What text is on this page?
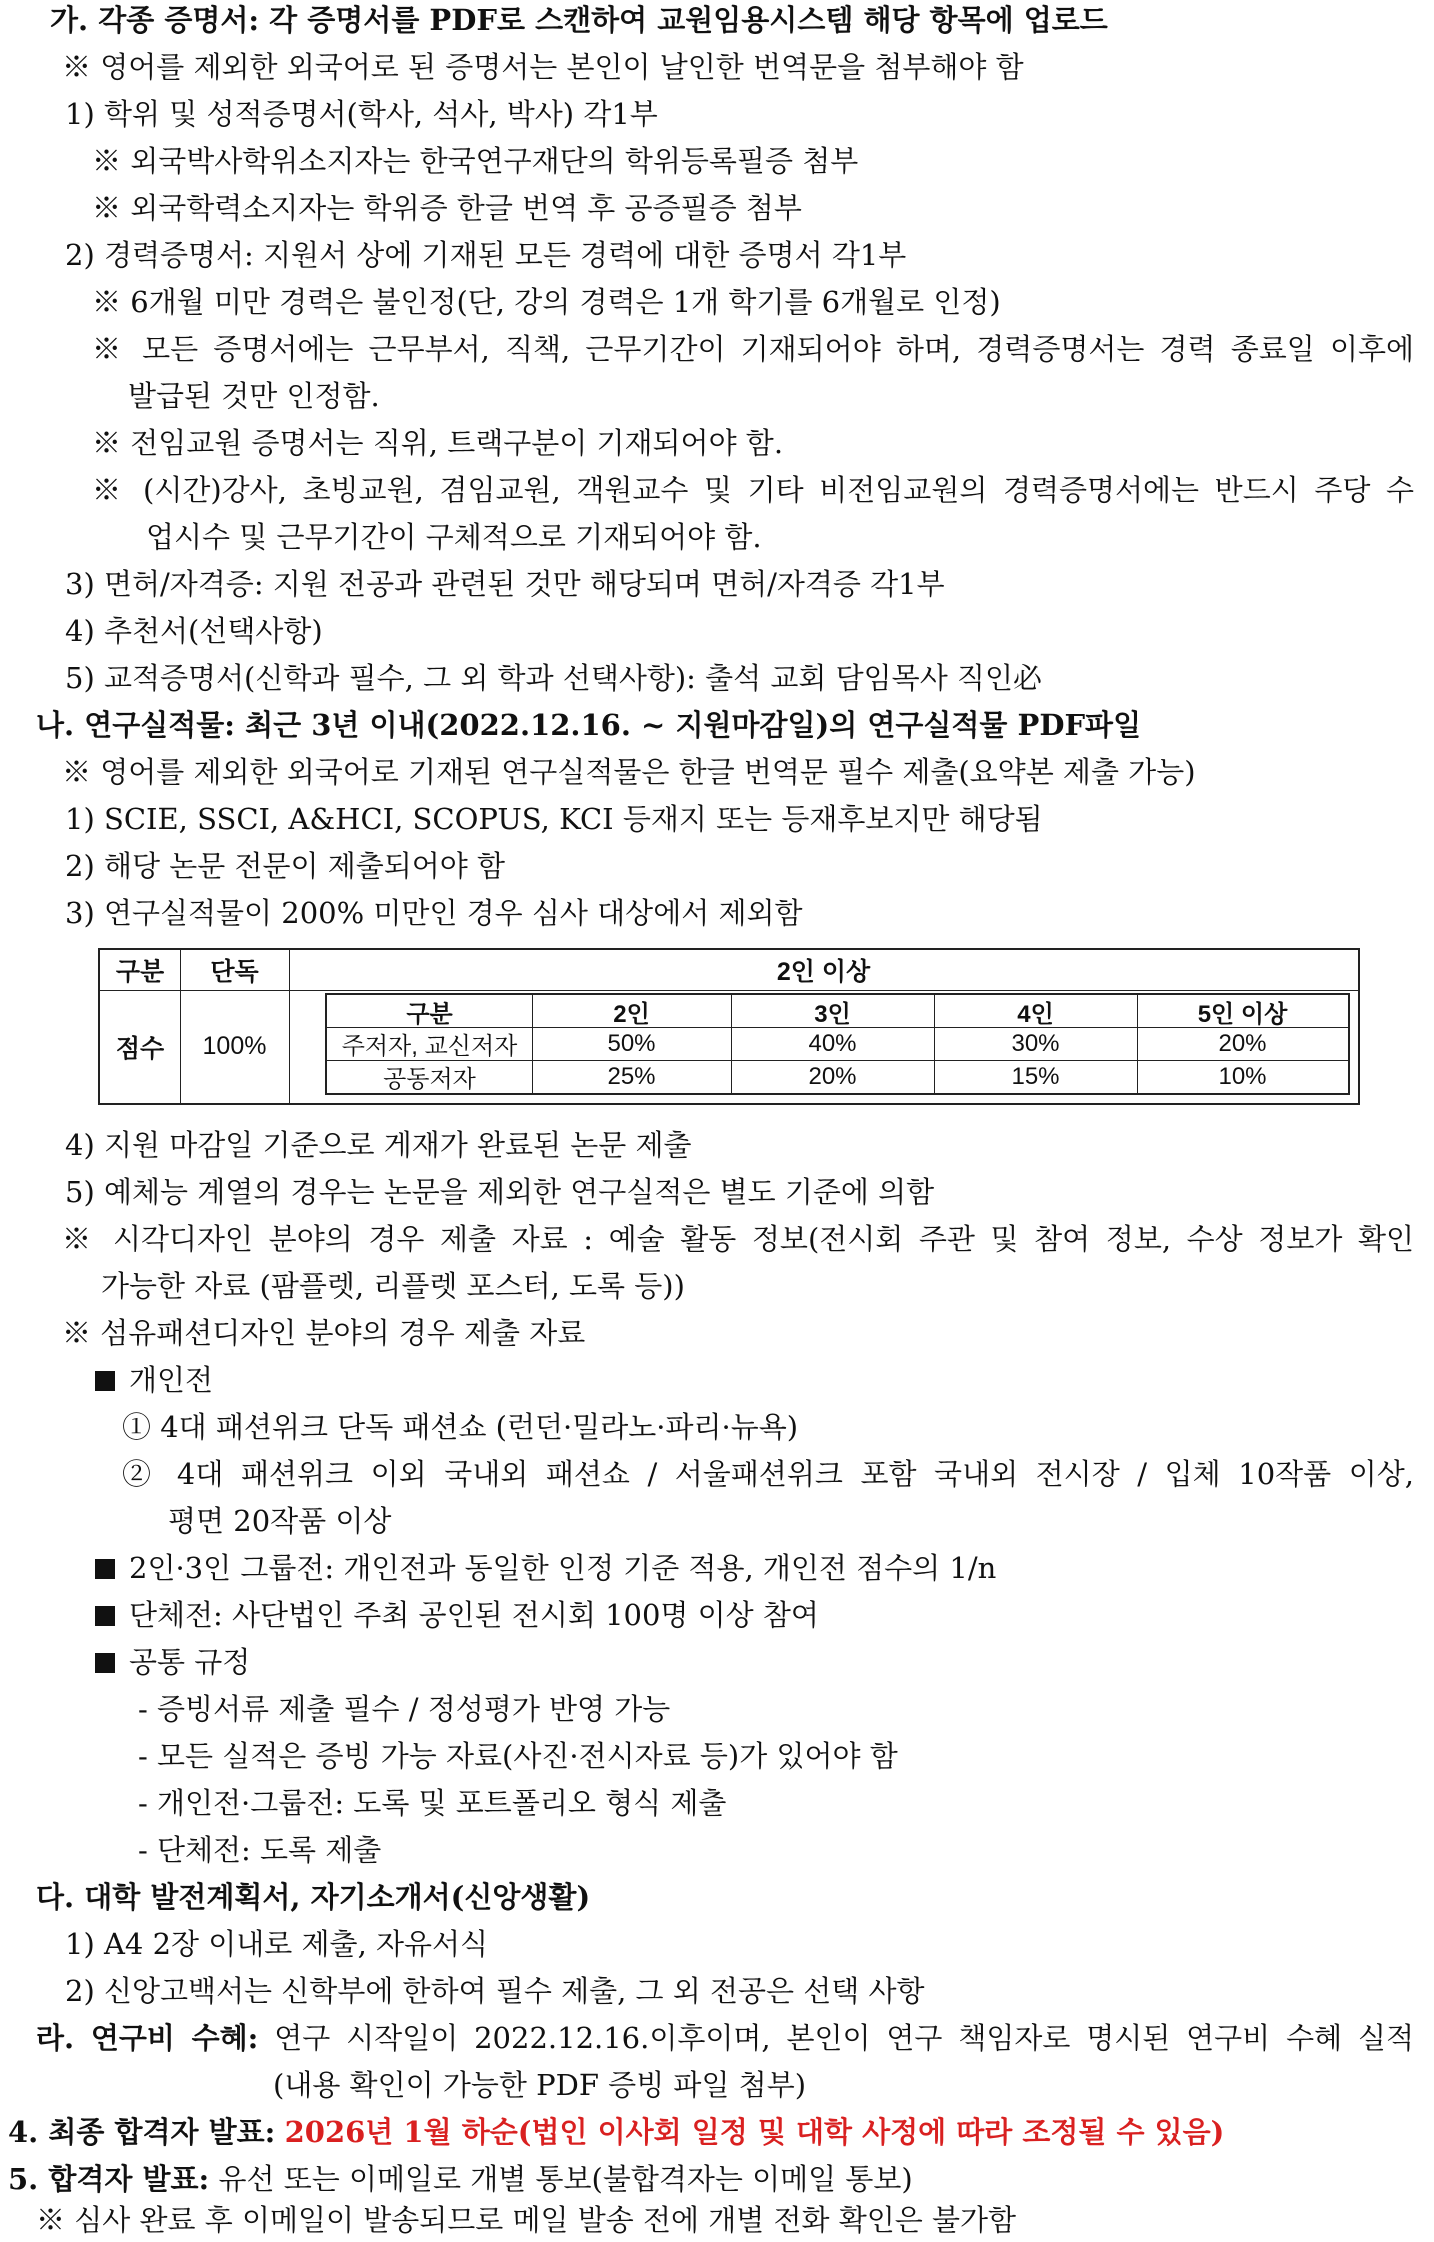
가. 각종 증명서: 각 증명서를 PDF로 스캔하여 교원임용시스템 해당 항목에 업로드
※ 영어를 제외한 외국어로 된 증명서는 본인이 날인한 번역문을 첨부해야 함
1) 학위 및 성적증명서(학사, 석사, 박사) 각1부
※ 외국박사학위소지자는 한국연구재단의 학위등록필증 첨부
※ 외국학력소지자는 학위증 한글 번역 후 공증필증 첨부
2) 경력증명서: 지원서 상에 기재된 모든 경력에 대한 증명서 각1부
※ 6개월 미만 경력은 불인정(단, 강의 경력은 1개 학기를 6개월로 인정)
※ 모든 증명서에는 근무부서, 직책, 근무기간이 기재되어야 하며, 경력증명서는 경력 종료일 이후에
발급된 것만 인정함.
※ 전임교원 증명서는 직위, 트랙구분이 기재되어야 함.
※ (시간)강사, 초빙교원, 겸임교원, 객원교수 및 기타 비전임교원의 경력증명서에는 반드시 주당 수
업시수 및 근무기간이 구체적으로 기재되어야 함.
3) 면허/자격증: 지원 전공과 관련된 것만 해당되며 면허/자격증 각1부
4) 추천서(선택사항)
5) 교적증명서(신학과 필수, 그 외 학과 선택사항): 출석 교회 담임목사 직인必
나. 연구실적물: 최근 3년 이내(2022.12.16. ~ 지원마감일)의 연구실적물 PDF파일
※ 영어를 제외한 외국어로 기재된 연구실적물은 한글 번역문 필수 제출(요약본 제출 가능)
1) SCIE, SSCI, A&HCI, SCOPUS, KCI 등재지 또는 등재후보지만 해당됨
2) 해당 논문 전문이 제출되어야 함
3) 연구실적물이 200% 미만인 경우 심사 대상에서 제외함
구분	단독	2인 이상
점수	100%
구분	2인	3인	4인	5인 이상
주저자, 교신저자	50%	40%	30%	20%
공동저자	25%	20%	15%	10%
4) 지원 마감일 기준으로 게재가 완료된 논문 제출
5) 예체능 계열의 경우는 논문을 제외한 연구실적은 별도 기준에 의함
※ 시각디자인 분야의 경우 제출 자료 : 예술 활동 정보(전시회 주관 및 참여 정보, 수상 정보가 확인
가능한 자료 (팜플렛, 리플렛 포스터, 도록 등))
※ 섬유패션디자인 분야의 경우 제출 자료
개인전
① 4대 패션위크 단독 패션쇼 (런던·밀라노·파리·뉴욕)
② 4대 패션위크 이외 국내외 패션쇼 / 서울패션위크 포함 국내외 전시장 / 입체 10작품 이상,
평면 20작품 이상
2인·3인 그룹전: 개인전과 동일한 인정 기준 적용, 개인전 점수의 1/n
단체전: 사단법인 주최 공인된 전시회 100명 이상 참여
공통 규정
- 증빙서류 제출 필수 / 정성평가 반영 가능
- 모든 실적은 증빙 가능 자료(사진·전시자료 등)가 있어야 함
- 개인전·그룹전: 도록 및 포트폴리오 형식 제출
- 단체전: 도록 제출
다. 대학 발전계획서, 자기소개서(신앙생활)
1) A4 2장 이내로 제출, 자유서식
2) 신앙고백서는 신학부에 한하여 필수 제출, 그 외 전공은 선택 사항
라. 연구비 수혜: 연구 시작일이 2022.12.16.이후이며, 본인이 연구 책임자로 명시된 연구비 수혜 실적
(내용 확인이 가능한 PDF 증빙 파일 첨부)
4. 최종 합격자 발표: 2026년 1월 하순(법인 이사회 일정 및 대학 사정에 따라 조정될 수 있음)
5. 합격자 발표: 유선 또는 이메일로 개별 통보(불합격자는 이메일 통보)
※ 심사 완료 후 이메일이 발송되므로 메일 발송 전에 개별 전화 확인은 불가함
